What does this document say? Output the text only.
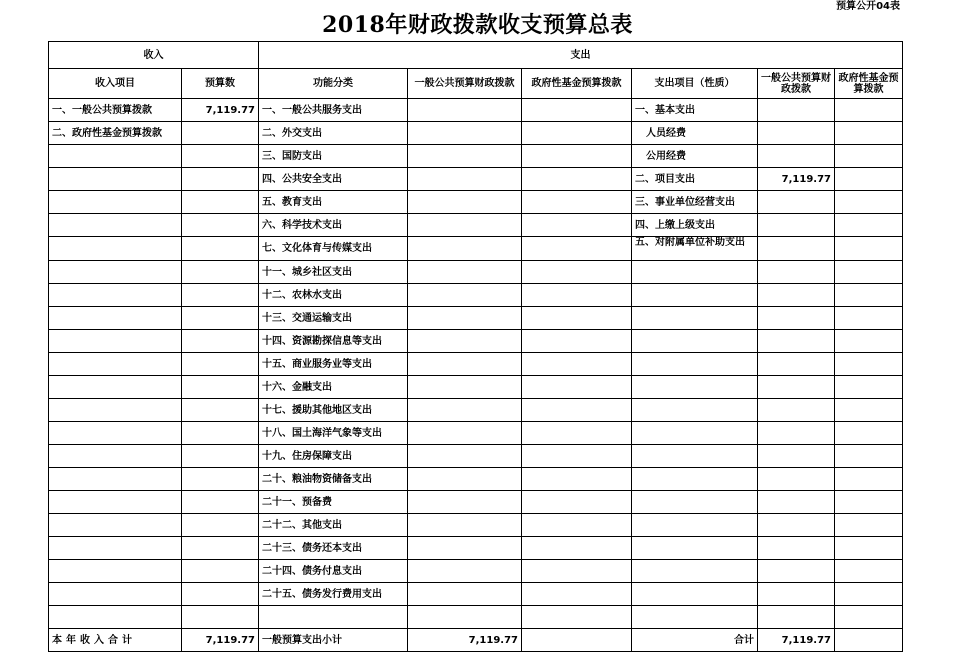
预算公开04表
2018年财政拨款收支预算总表
收入		支出					
收入项目	预算数	功能分类	一般公共预算财政拨款	政府性基金预算拨款	支出项目（性质）	一般公共预算财政拨款	政府性基金预算拨款
一、一般公共预算拨款	7,119.77	一、一般公共服务支出			一、基本支出		
二、政府性基金预算拨款		二、外交支出			人员经费		
		三、国防支出			公用经费		
		四、公共安全支出			二、项目支出	7,119.77	
		五、教育支出			三、事业单位经营支出		
		六、科学技术支出			四、上缴上级支出		
		七、文化体育与传媒支出			五、对附属单位补助支出		
		十一、城乡社区支出					
		十二、农林水支出					
		十三、交通运输支出					
		十四、资源勘探信息等支出					
		十五、商业服务业等支出					
		十六、金融支出					
		十七、援助其他地区支出					
		十八、国土海洋气象等支出					
		十九、住房保障支出					
		二十、粮油物资储备支出					
		二十一、预备费					
		二十二、其他支出					
		二十三、债务还本支出					
		二十四、债务付息支出					
		二十五、债务发行费用支出					

本年收入合计	7,119.77	一般预算支出小计	7,119.77		合计	7,119.77	
